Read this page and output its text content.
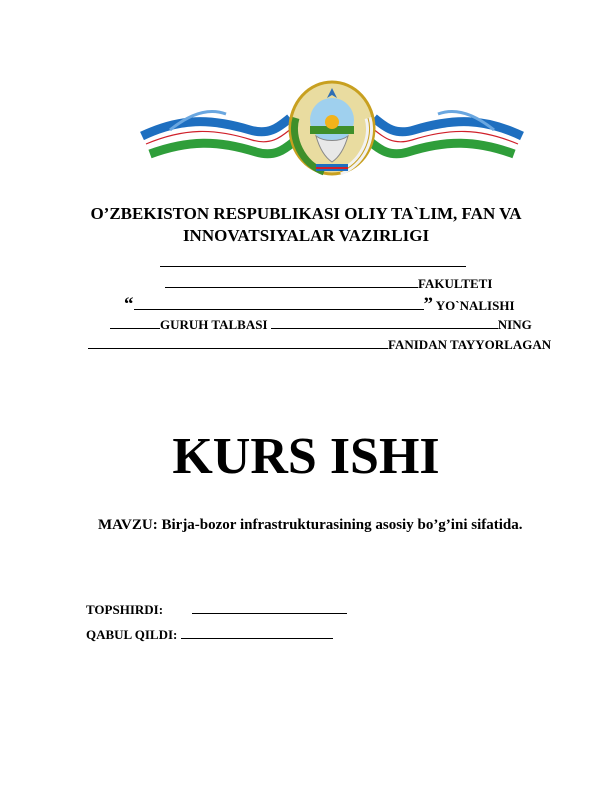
O’ZBEKISTON RESPUBLIKASI OLIY TA`LIM, FAN VA
INNOVATSIYALAR VAZIRLIGI
FAKULTETI
“	” YO`NALISHI
GURUH TALBASI	NING
FANIDAN TAYYORLAGAN
KURS ISHI
MAVZU: Birja-bozor infrastrukturasining asosiy bo’g’ini sifatida.
TOPSHIRDI:
QABUL QILDI:
